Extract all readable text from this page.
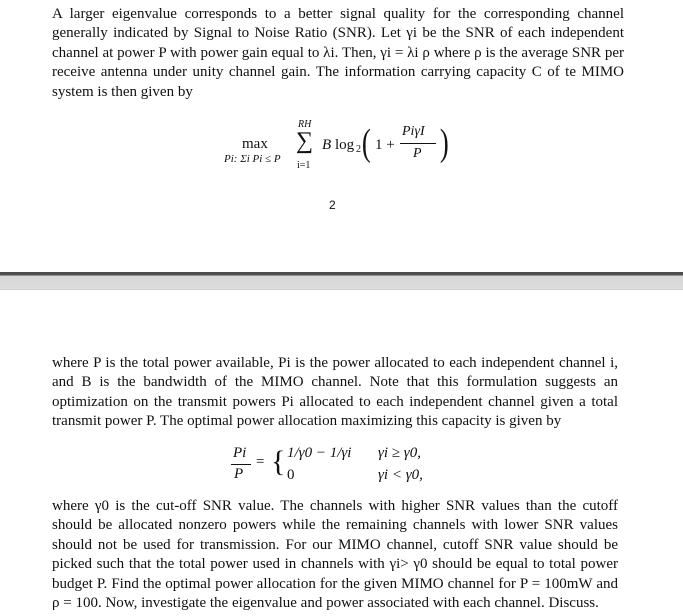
A larger eigenvalue corresponds to a better signal quality for the corresponding channel generally indicated by Signal to Noise Ratio (SNR). Let γi be the SNR of each independent channel at power P with power gain equal to λi. Then, γi = λi ρ where ρ is the average SNR per receive antenna under unity channel gain. The information carrying capacity C of te MIMO system is then given by

max
Pi: Σi Pi ≤ P
RH
∑
i=1
B log 2 ( 1 +
PiγI
P )
2

where P is the total power available, Pi is the power allocated to each independent channel i, and B is the bandwidth of the MIMO channel. Note that this formulation suggests an optimization on the transmit powers Pi allocated to each independent channel given a total transmit power P. The optimal power allocation maximizing this capacity is given by

Pi
P
= { 1/γ0 − 1/γi γi ≥ γ0,
0	γi < γ0,

where γ0 is the cut-off SNR value. The channels with higher SNR values than the cutoff should be allocated nonzero powers while the remaining channels with lower SNR values should not be used for transmission. For our MIMO channel, cutoff SNR value should be picked such that the total power used in channels with γi> γ0 should be equal to total power budget P. Find the optimal power allocation for the given MIMO channel for P = 100mW and ρ = 100. Now, investigate the eigenvalue and power associated with each channel. Discuss.
